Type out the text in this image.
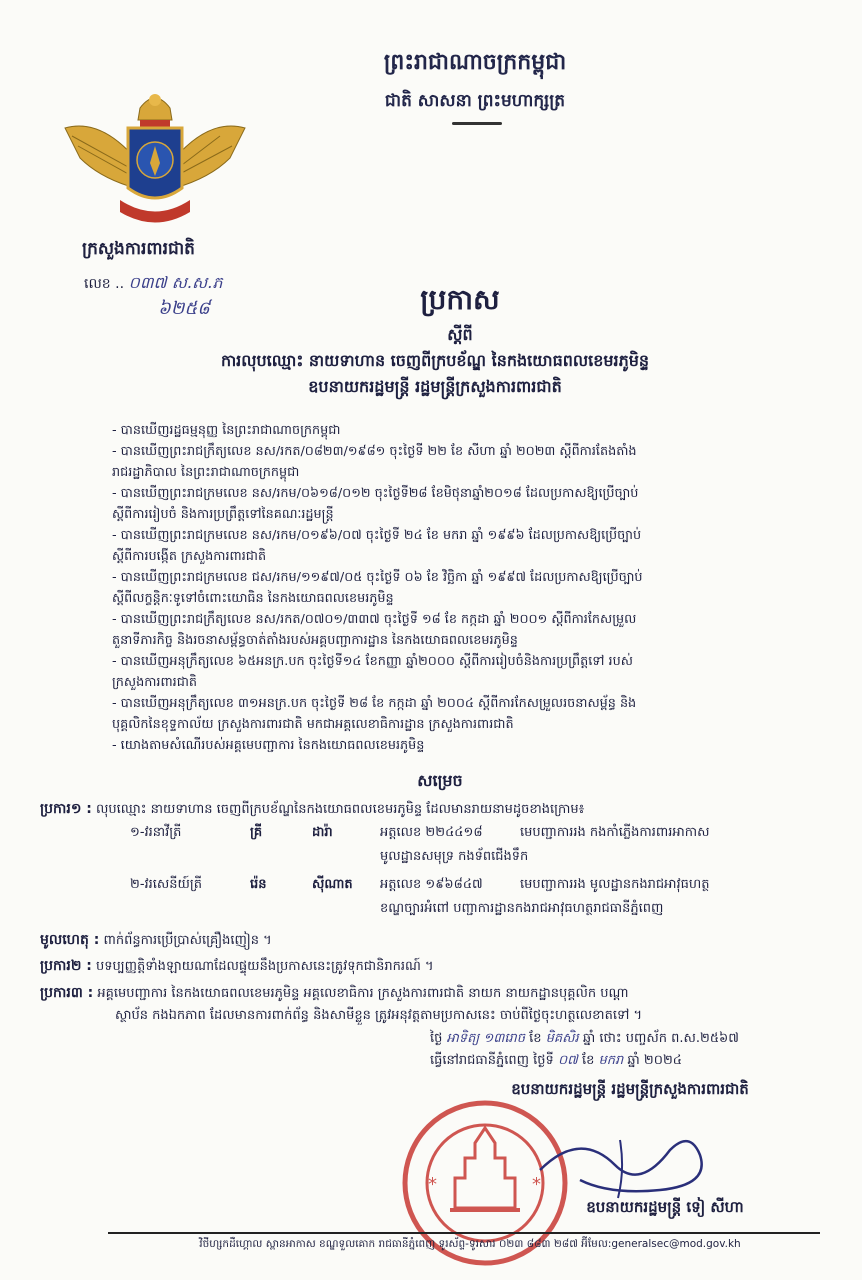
ព្រះរាជាណាចក្រកម្ពុជា
ជាតិ សាសនា ព្រះមហាក្សត្រ
ក្រសួងការពារជាតិ
លេខ .. ០៣៧ ស.ស.ភ
៦២៥៨	ប្រកាស
ស្តីពី
ការលុបឈ្មោះ នាយទាហាន ចេញពីក្របខ័ណ្ឌ នៃកងយោធពលខេមរភូមិន្ទ
ឧបនាយករដ្ឋមន្ត្រី រដ្ឋមន្ត្រីក្រសួងការពារជាតិ

- បានឃើញរដ្ឋធម្មនុញ្ញ នៃព្រះរាជាណាចក្រកម្ពុជា

- បានឃើញព្រះរាជក្រឹត្យលេខ នស/រកត/០៨២៣/១៩៨១ ចុះថ្ងៃទី ២២ ខែ សីហា ឆ្នាំ ២០២៣ ស្តីពីការតែងតាំង

រាជរដ្ឋាភិបាល នៃព្រះរាជាណាចក្រកម្ពុជា

- បានឃើញព្រះរាជក្រមលេខ នស/រកម/០៦១៨/០១២ ចុះថ្ងៃទី២៨ ខែមិថុនាឆ្នាំ២០១៨ ដែលប្រកាសឱ្យប្រើច្បាប់

ស្តីពីការរៀបចំ និងការប្រព្រឹត្តទៅនៃគណៈរដ្ឋមន្ត្រី

- បានឃើញព្រះរាជក្រមលេខ នស/រកម/០១៩៦/០៧ ចុះថ្ងៃទី ២៤ ខែ មករា ឆ្នាំ ១៩៩៦ ដែលប្រកាសឱ្យប្រើច្បាប់

ស្តីពីការបង្កើត ក្រសួងការពារជាតិ

- បានឃើញព្រះរាជក្រមលេខ ជស/រកម/១១៩៧/០៥ ចុះថ្ងៃទី ០៦ ខែ វិច្ឆិកា ឆ្នាំ ១៩៩៧ ដែលប្រកាសឱ្យប្រើច្បាប់

ស្តីពីលក្ខន្តិកៈទូទៅចំពោះយោធិន នៃកងយោធពលខេមរភូមិន្ទ

- បានឃើញព្រះរាជក្រឹត្យលេខ នស/រកត/០៧០១/៣៣៧ ចុះថ្ងៃទី ១៨ ខែ កក្កដា ឆ្នាំ ២០០១ ស្តីពីការកែសម្រួល

តួនាទីភារកិច្ច និងរចនាសម្ព័ន្ធចាត់តាំងរបស់អគ្គបញ្ជាការដ្ឋាន នៃកងយោធពលខេមរភូមិន្ទ

- បានឃើញអនុក្រឹត្យលេខ ៦៥អនក្រ.បក ចុះថ្ងៃទី១៤ ខែកញ្ញា ឆ្នាំ២០០០ ស្តីពីការរៀបចំនិងការប្រព្រឹត្តទៅ របស់

ក្រសួងការពារជាតិ

- បានឃើញអនុក្រឹត្យលេខ ៣១អនក្រ.បក ចុះថ្ងៃទី ២៨ ខែ កក្កដា ឆ្នាំ ២០០៤ ស្តីពីការកែសម្រួលរចនាសម្ព័ន្ធ និង

បុគ្គលិកនៃខុទ្ទកាល័យ ក្រសួងការពារជាតិ មកជាអគ្គលេខាធិការដ្ឋាន ក្រសួងការពារជាតិ

- យោងតាមសំណើរបស់អគ្គមេបញ្ជាការ នៃកងយោធពលខេមរភូមិន្ទ

សម្រេច
ប្រការ១ : លុបឈ្មោះ នាយទាហាន ចេញពីក្របខ័ណ្ឌនៃកងយោធពលខេមរភូមិន្ទ ដែលមានរាយនាមដូចខាងក្រោម៖
១-វរនាវីត្រី	គ្រី	ដារ៉ា	អត្តលេខ ២២៤៤១៨	មេបញ្ជាការរង កងកាំភ្លើងការពារអាកាស
មូលដ្ឋានសមុទ្រ កងទ័ពជើងទឹក
២-វរសេនីយ៍ត្រី	រ៉េន	ស៊ីណាត អត្តលេខ ១៩៦៨៤៧	មេបញ្ជាការរង មូលដ្ឋានកងរាជអាវុធហត្ថ
ខណ្ឌច្បារអំពៅ បញ្ជាការដ្ឋានកងរាជអាវុធហត្ថរាជធានីភ្នំពេញ
មូលហេតុ : ពាក់ព័ន្ធការប្រើប្រាស់គ្រឿងញៀន ។
ប្រការ២ : បទប្បញ្ញត្តិទាំងឡាយណាដែលផ្ទុយនឹងប្រកាសនេះត្រូវទុកជានិរាករណ៍ ។
ប្រការ៣ : អគ្គមេបញ្ជាការ នៃកងយោធពលខេមរភូមិន្ទ អគ្គលេខាធិការ ក្រសួងការពារជាតិ នាយក នាយកដ្ឋានបុគ្គលិក បណ្ដា
ស្ថាប័ន កងឯកភាព ដែលមានការពាក់ព័ន្ធ និងសាមីខ្លួន ត្រូវអនុវត្តតាមប្រកាសនេះ ចាប់ពីថ្ងៃចុះហត្ថលេខាតទៅ ។
ថ្ងៃ អាទិត្យ ១៣រោច ខែ មិគសិរ ឆ្នាំ ថោះ បញ្ចស័ក ព.ស.២៥៦៧
ធ្វើនៅរាជធានីភ្នំពេញ ថ្ងៃទី ០៧ ខែ មករា ឆ្នាំ ២០២៤
ឧបនាយករដ្ឋមន្ត្រី រដ្ឋមន្ត្រីក្រសួងការពារជាតិ
*	*
ឧបនាយករដ្ឋមន្ត្រី ទៀ សីហា
វិថីហ្សកដឺហ្គោល ស្ពានអាកាស ខណ្ឌទួលគោក រាជធានីភ្នំពេញ ទូរស័ព្ទ-ទូរសារ ០២៣ ៨៨៣ ២៨៧ អ៊ីមែល:generalsec@mod.gov.kh
